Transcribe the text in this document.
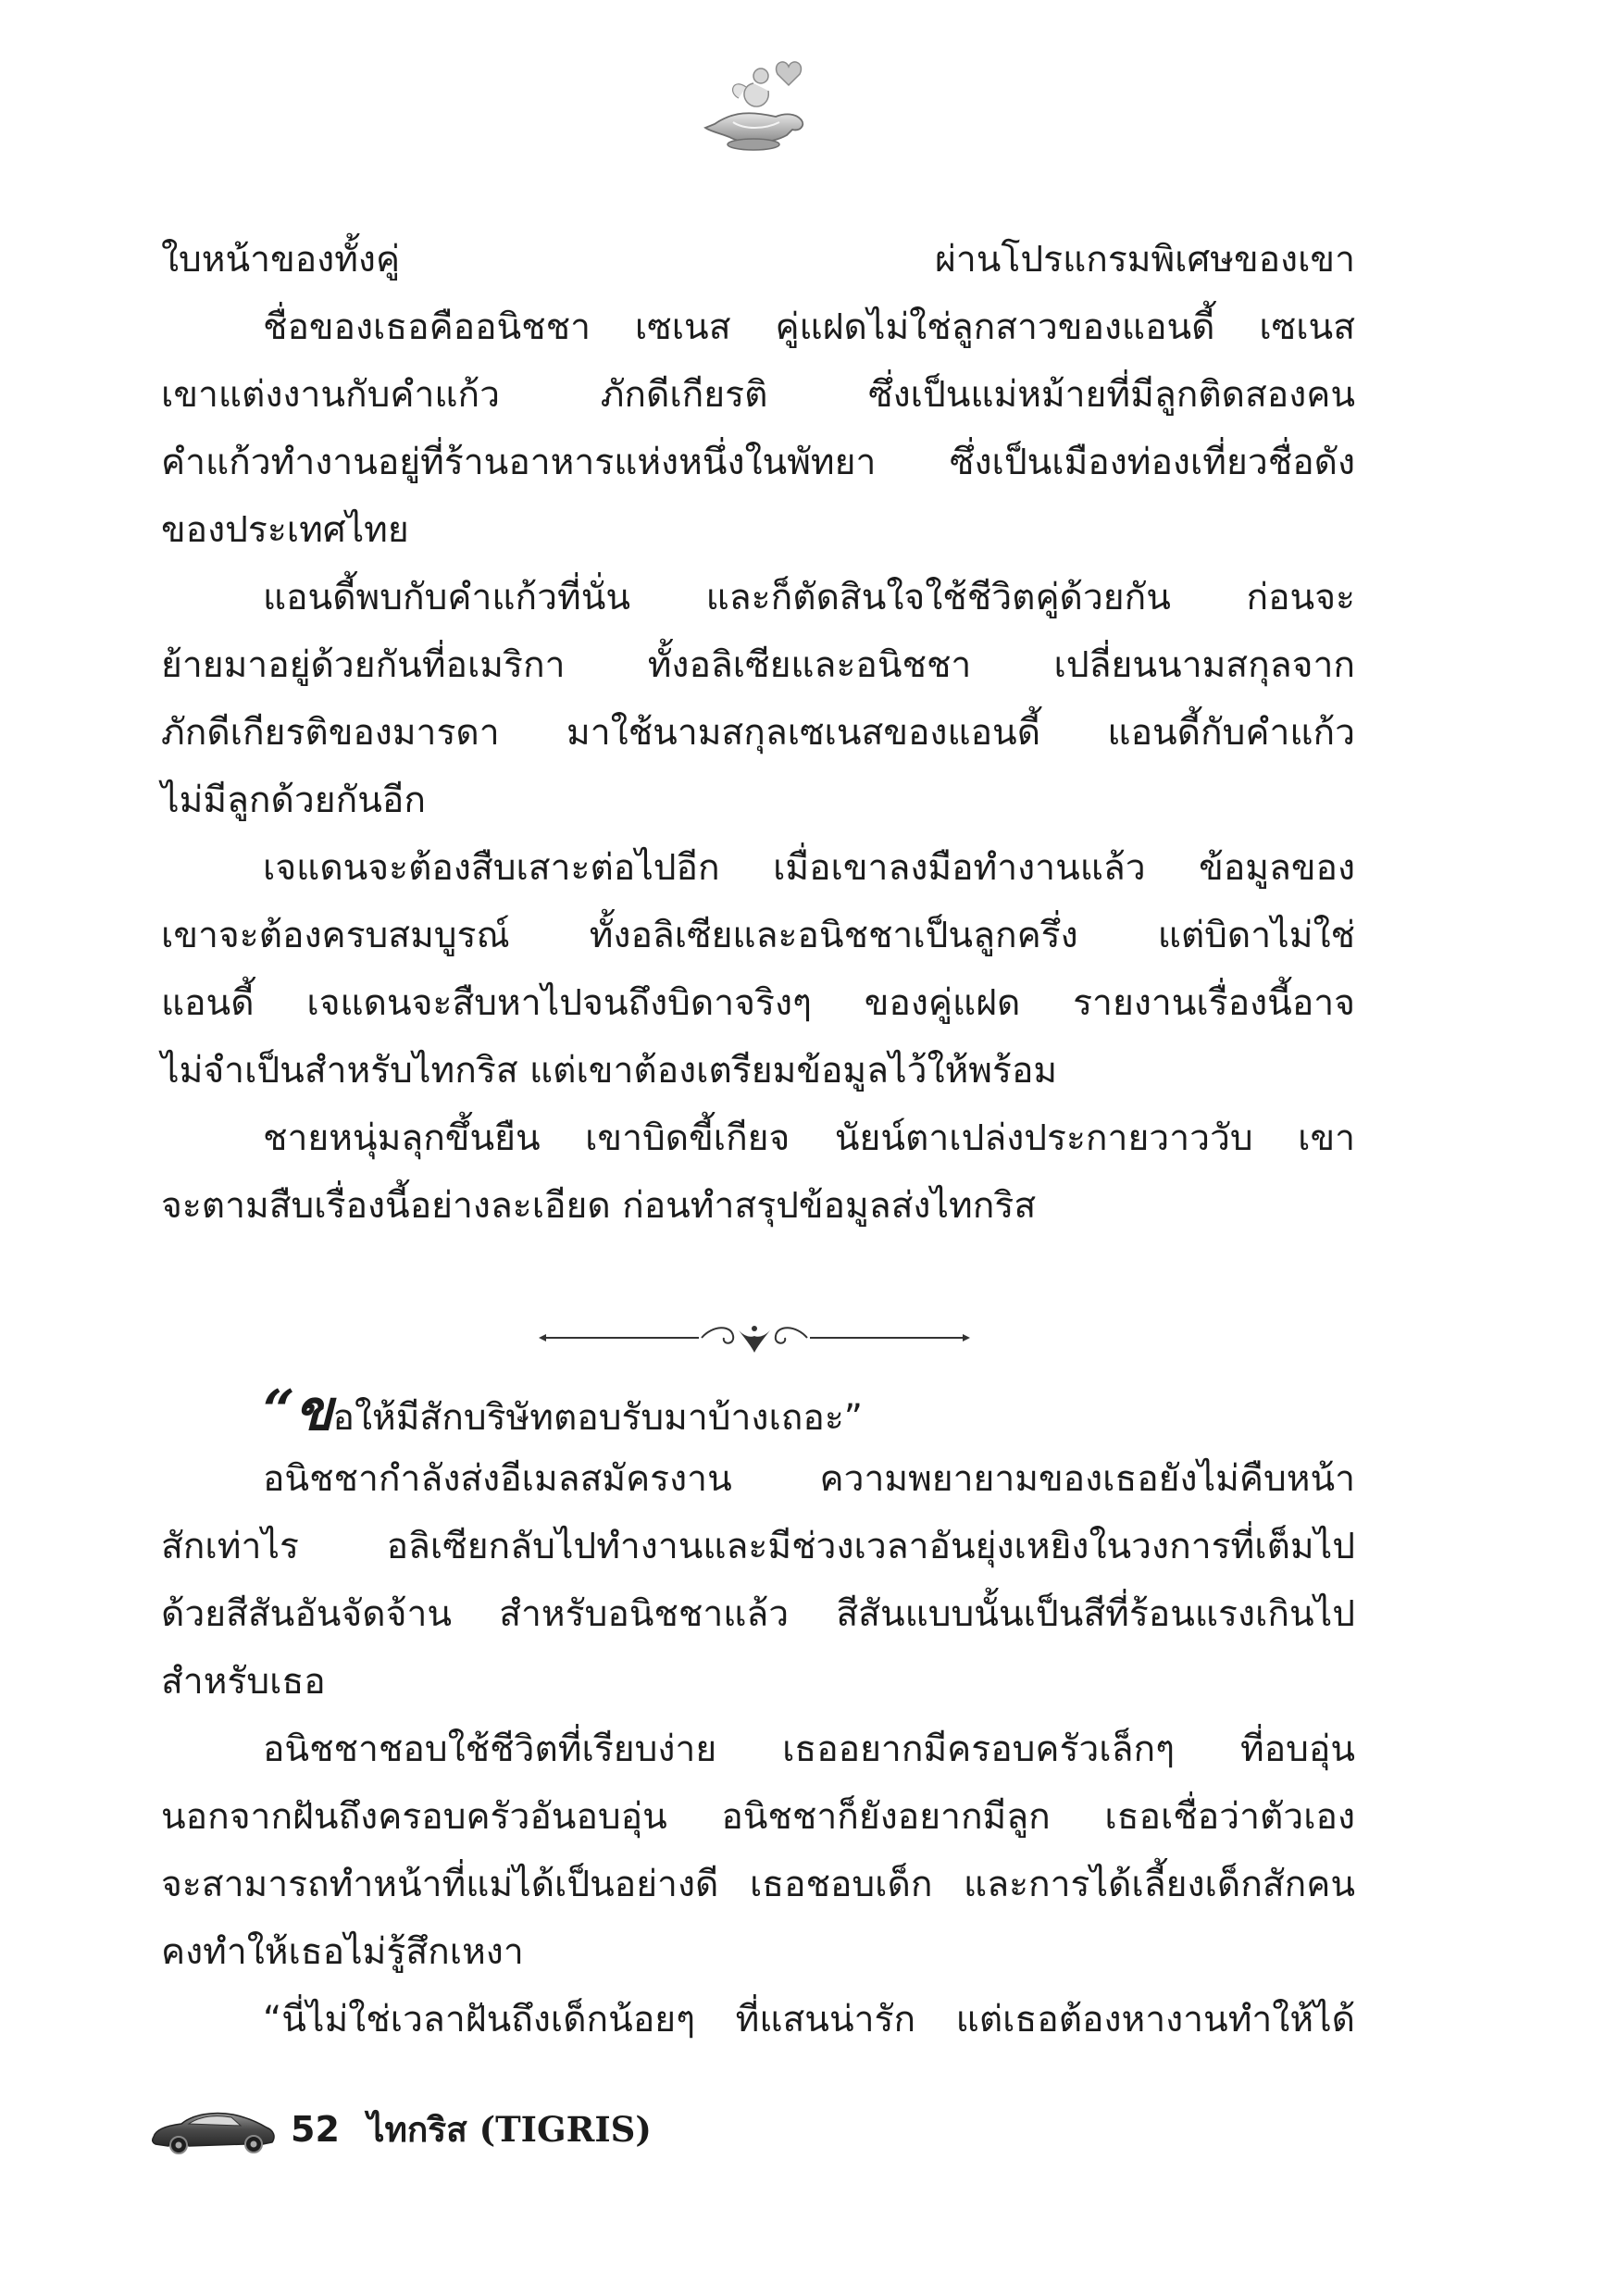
ใบหน้าของทั้งคู่ ผ่านโปรแกรมพิเศษของเขา
ชื่อของเธอคืออนิชชา เซเนส คู่แฝดไม่ใช่ลูกสาวของแอนดี้ เซเนส
เขาแต่งงานกับคำแก้ว ภักดีเกียรติ ซึ่งเป็นแม่หม้ายที่มีลูกติดสองคน
คำแก้วทำงานอยู่ที่ร้านอาหารแห่งหนึ่งในพัทยา ซึ่งเป็นเมืองท่องเที่ยวชื่อดัง
ของประเทศไทย
แอนดี้พบกับคำแก้วที่นั่น และก็ตัดสินใจใช้ชีวิตคู่ด้วยกัน ก่อนจะ
ย้ายมาอยู่ด้วยกันที่อเมริกา ทั้งอลิเซียและอนิชชา เปลี่ยนนามสกุลจาก
ภักดีเกียรติของมารดา มาใช้นามสกุลเซเนสของแอนดี้ แอนดี้กับคำแก้ว
ไม่มีลูกด้วยกันอีก
เจแดนจะต้องสืบเสาะต่อไปอีก เมื่อเขาลงมือทำงานแล้ว ข้อมูลของ
เขาจะต้องครบสมบูรณ์ ทั้งอลิเซียและอนิชชาเป็นลูกครึ่ง แต่บิดาไม่ใช่
แอนดี้ เจแดนจะสืบหาไปจนถึงบิดาจริงๆ ของคู่แฝด รายงานเรื่องนี้อาจ
ไม่จำเป็นสำหรับไทกริส แต่เขาต้องเตรียมข้อมูลไว้ให้พร้อม
ชายหนุ่มลุกขึ้นยืน เขาบิดขี้เกียจ นัยน์ตาเปล่งประกายวาววับ เขา
จะตามสืบเรื่องนี้อย่างละเอียด ก่อนทำสรุปข้อมูลส่งไทกริส
“ขอให้มีสักบริษัทตอบรับมาบ้างเถอะ”
อนิชชากำลังส่งอีเมลสมัครงาน ความพยายามของเธอยังไม่คืบหน้า
สักเท่าไร อลิเซียกลับไปทำงานและมีช่วงเวลาอันยุ่งเหยิงในวงการที่เต็มไป
ด้วยสีสันอันจัดจ้าน สำหรับอนิชชาแล้ว สีสันแบบนั้นเป็นสีที่ร้อนแรงเกินไป
สำหรับเธอ
อนิชชาชอบใช้ชีวิตที่เรียบง่าย เธออยากมีครอบครัวเล็กๆ ที่อบอุ่น
นอกจากฝันถึงครอบครัวอันอบอุ่น อนิชชาก็ยังอยากมีลูก เธอเชื่อว่าตัวเอง
จะสามารถทำหน้าที่แม่ได้เป็นอย่างดี เธอชอบเด็ก และการได้เลี้ยงเด็กสักคน
คงทำให้เธอไม่รู้สึกเหงา
“นี่ไม่ใช่เวลาฝันถึงเด็กน้อยๆ ที่แสนน่ารัก แต่เธอต้องหางานทำให้ได้
52 ไทกริส (TIGRIS)
